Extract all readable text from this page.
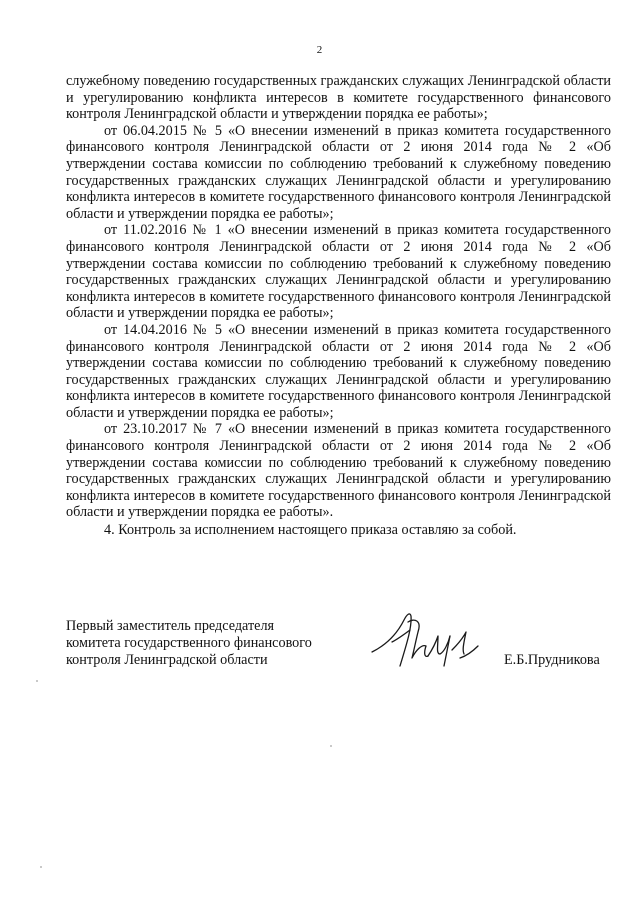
2

служебному поведению государственных гражданских служащих Ленинградской области и урегулированию конфликта интересов в комитете государственного финансового контроля Ленинградской области и утверждении порядка ее работы»;

от 06.04.2015 № 5 «О внесении изменений в приказ комитета государственного финансового контроля Ленинградской области от 2 июня 2014 года № 2 «Об утверждении состава комиссии по соблюдению требований к служебному поведению государственных гражданских служащих Ленинградской области и урегулированию конфликта интересов в комитете государственного финансового контроля Ленинградской области и утверждении порядка ее работы»;

от 11.02.2016 № 1 «О внесении изменений в приказ комитета государственного финансового контроля Ленинградской области от 2 июня 2014 года № 2 «Об утверждении состава комиссии по соблюдению требований к служебному поведению государственных гражданских служащих Ленинградской области и урегулированию конфликта интересов в комитете государственного финансового контроля Ленинградской области и утверждении порядка ее работы»;

от 14.04.2016 № 5 «О внесении изменений в приказ комитета государственного финансового контроля Ленинградской области от 2 июня 2014 года № 2 «Об утверждении состава комиссии по соблюдению требований к служебному поведению государственных гражданских служащих Ленинградской области и урегулированию конфликта интересов в комитете государственного финансового контроля Ленинградской области и утверждении порядка ее работы»;

от 23.10.2017 № 7 «О внесении изменений в приказ комитета государственного финансового контроля Ленинградской области от 2 июня 2014 года № 2 «Об утверждении состава комиссии по соблюдению требований к служебному поведению государственных гражданских служащих Ленинградской области и урегулированию конфликта интересов в комитете государственного финансового контроля Ленинградской области и утверждении порядка ее работы».

4. Контроль за исполнением настоящего приказа оставляю за собой.

Первый заместитель председателя
комитета государственного финансового
контроля Ленинградской области	Е.Б.Прудникова
